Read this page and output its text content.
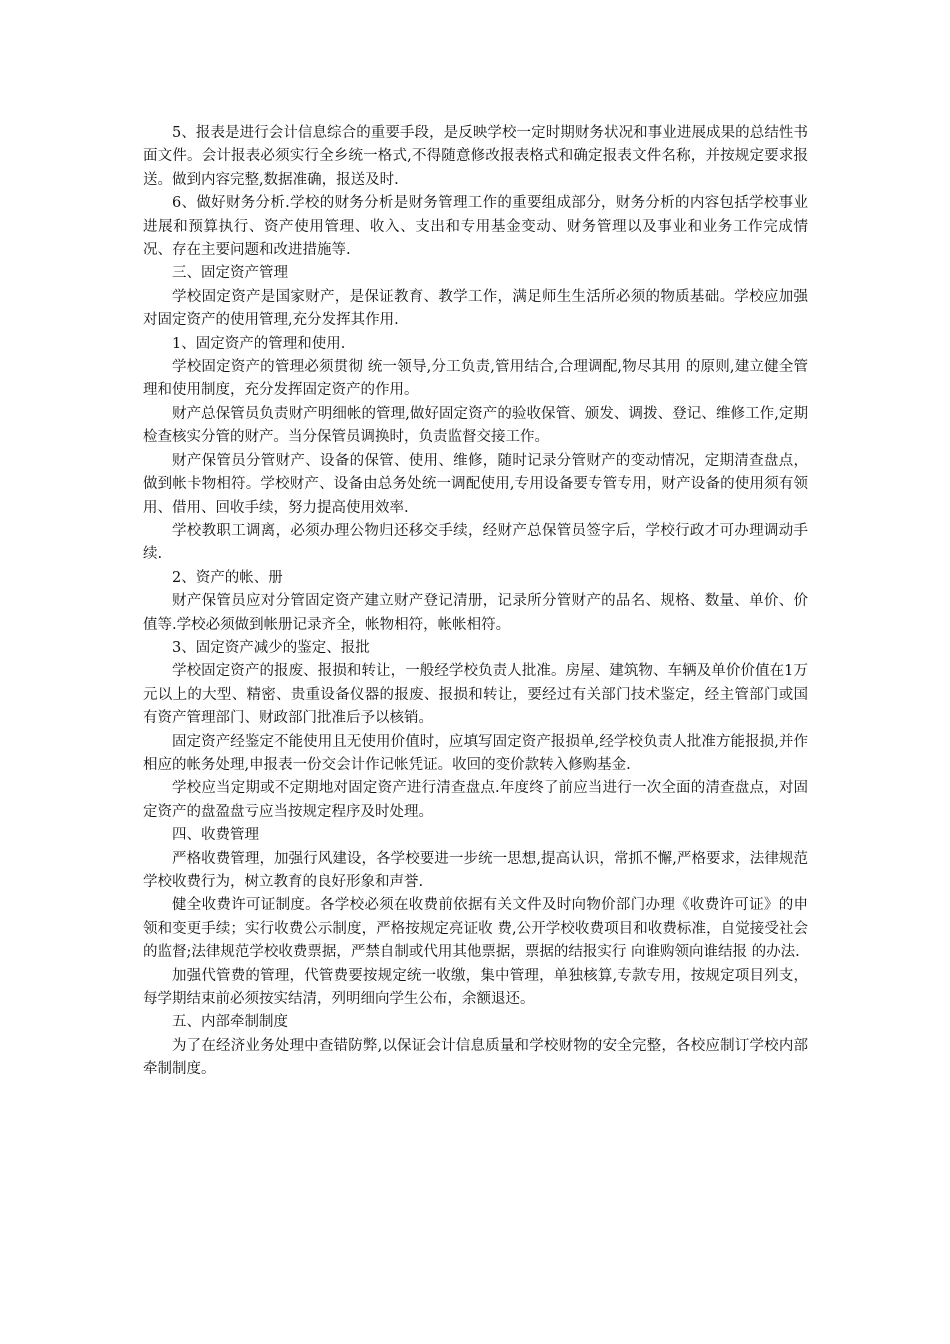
5、报表是进行会计信息综合的重要手段，是反映学校一定时期财务状况和事业进展成果的总结性书面文件。会计报表必须实行全乡统一格式,不得随意修改报表格式和确定报表文件名称，并按规定要求报送。做到内容完整,数据准确，报送及时.

6、做好财务分析.学校的财务分析是财务管理工作的重要组成部分，财务分析的内容包括学校事业进展和预算执行、资产使用管理、收入、支出和专用基金变动、财务管理以及事业和业务工作完成情况、存在主要问题和改进措施等.

三、固定资产管理

学校固定资产是国家财产，是保证教育、教学工作，满足师生生活所必须的物质基础。学校应加强对固定资产的使用管理,充分发挥其作用.

1、固定资产的管理和使用.

学校固定资产的管理必须贯彻 统一领导,分工负责,管用结合,合理调配,物尽其用 的原则,建立健全管理和使用制度，充分发挥固定资产的作用。

财产总保管员负责财产明细帐的管理,做好固定资产的验收保管、颁发、调拨、登记、维修工作,定期检查核实分管的财产。当分保管员调换时，负责监督交接工作。

财产保管员分管财产、设备的保管、使用、维修，随时记录分管财产的变动情况，定期清查盘点，做到帐卡物相符。学校财产、设备由总务处统一调配使用,专用设备要专管专用，财产设备的使用须有领用、借用、回收手续，努力提高使用效率.

学校教职工调离，必须办理公物归还移交手续，经财产总保管员签字后，学校行政才可办理调动手续.

2、资产的帐、册

财产保管员应对分管固定资产建立财产登记清册，记录所分管财产的品名、规格、数量、单价、价值等.学校必须做到帐册记录齐全，帐物相符，帐帐相符。

3、固定资产减少的鉴定、报批

学校固定资产的报废、报损和转让，一般经学校负责人批准。房屋、建筑物、车辆及单价价值在1万元以上的大型、精密、贵重设备仪器的报废、报损和转让，要经过有关部门技术鉴定，经主管部门或国有资产管理部门、财政部门批准后予以核销。

固定资产经鉴定不能使用且无使用价值时，应填写固定资产报损单,经学校负责人批准方能报损,并作相应的帐务处理,申报表一份交会计作记帐凭证。收回的变价款转入修购基金.

学校应当定期或不定期地对固定资产进行清查盘点.年度终了前应当进行一次全面的清查盘点，对固定资产的盘盈盘亏应当按规定程序及时处理。

四、收费管理

严格收费管理，加强行风建设，各学校要进一步统一思想,提高认识，常抓不懈,严格要求，法律规范学校收费行为，树立教育的良好形象和声誉.

健全收费许可证制度。各学校必须在收费前依据有关文件及时向物价部门办理《收费许可证》的申领和变更手续；实行收费公示制度，严格按规定亮证收 费,公开学校收费项目和收费标准，自觉接受社会的监督;法律规范学校收费票据，严禁自制或代用其他票据，票据的结报实行 向谁购领向谁结报 的办法.

加强代管费的管理，代管费要按规定统一收缴，集中管理，单独核算,专款专用，按规定项目列支，每学期结束前必须按实结清，列明细向学生公布，余额退还。

五、内部牵制制度

为了在经济业务处理中查错防弊,以保证会计信息质量和学校财物的安全完整，各校应制订学校内部牵制制度。
